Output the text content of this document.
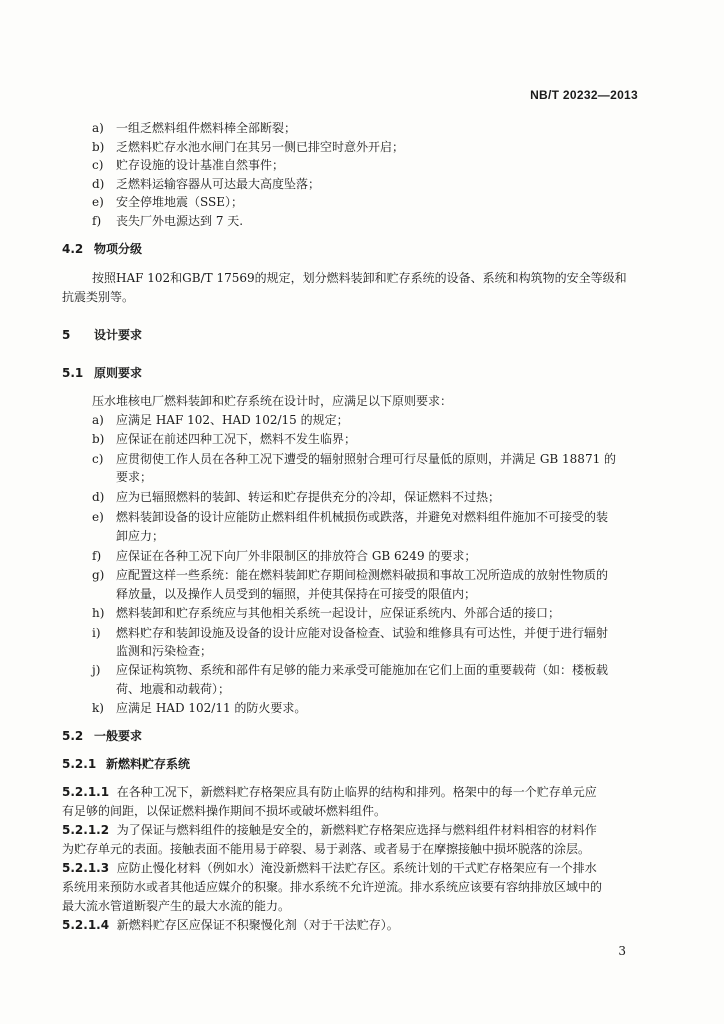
NB/T 20232—2013
a) 一组乏燃料组件燃料棒全部断裂；
b) 乏燃料贮存水池水闸门在其另一侧已排空时意外开启；
c) 贮存设施的设计基准自然事件；
d) 乏燃料运输容器从可达最大高度坠落；
e) 安全停堆地震（SSE）；
f) 丧失厂外电源达到 7 天.
4.2 物项分级
按照HAF 102和GB/T 17569的规定，划分燃料装卸和贮存系统的设备、系统和构筑物的安全等级和
抗震类别等。
5 设计要求
5.1 原则要求
压水堆核电厂燃料装卸和贮存系统在设计时，应满足以下原则要求：
a) 应满足 HAF 102、HAD 102/15 的规定；
b) 应保证在前述四种工况下，燃料不发生临界；
c) 应贯彻使工作人员在各种工况下遭受的辐射照射合理可行尽量低的原则，并满足 GB 18871 的
要求；
d) 应为已辐照燃料的装卸、转运和贮存提供充分的冷却，保证燃料不过热；
e) 燃料装卸设备的设计应能防止燃料组件机械损伤或跌落，并避免对燃料组件施加不可接受的装
卸应力；
f) 应保证在各种工况下向厂外非限制区的排放符合 GB 6249 的要求；
g) 应配置这样一些系统：能在燃料装卸贮存期间检测燃料破损和事故工况所造成的放射性物质的
释放量，以及操作人员受到的辐照，并使其保持在可接受的限值内；
h) 燃料装卸和贮存系统应与其他相关系统一起设计，应保证系统内、外部合适的接口；
i) 燃料贮存和装卸设施及设备的设计应能对设备检查、试验和维修具有可达性，并便于进行辐射
监测和污染检查；
j) 应保证构筑物、系统和部件有足够的能力来承受可能施加在它们上面的重要载荷（如：楼板载
荷、地震和动载荷）；
k) 应满足 HAD 102/11 的防火要求。
5.2 一般要求
5.2.1 新燃料贮存系统
5.2.1.1 在各种工况下，新燃料贮存格架应具有防止临界的结构和排列。格架中的每一个贮存单元应
有足够的间距，以保证燃料操作期间不损坏或破坏燃料组件。
5.2.1.2 为了保证与燃料组件的接触是安全的，新燃料贮存格架应选择与燃料组件材料相容的材料作
为贮存单元的表面。接触表面不能用易于碎裂、易于剥落、或者易于在摩擦接触中损坏脱落的涂层。
5.2.1.3 应防止慢化材料（例如水）淹没新燃料干法贮存区。系统计划的干式贮存格架应有一个排水
系统用来预防水或者其他适应媒介的积聚。排水系统不允许逆流。排水系统应该要有容纳排放区域中的
最大流水管道断裂产生的最大水流的能力。
5.2.1.4 新燃料贮存区应保证不积聚慢化剂（对于干法贮存）。
3
